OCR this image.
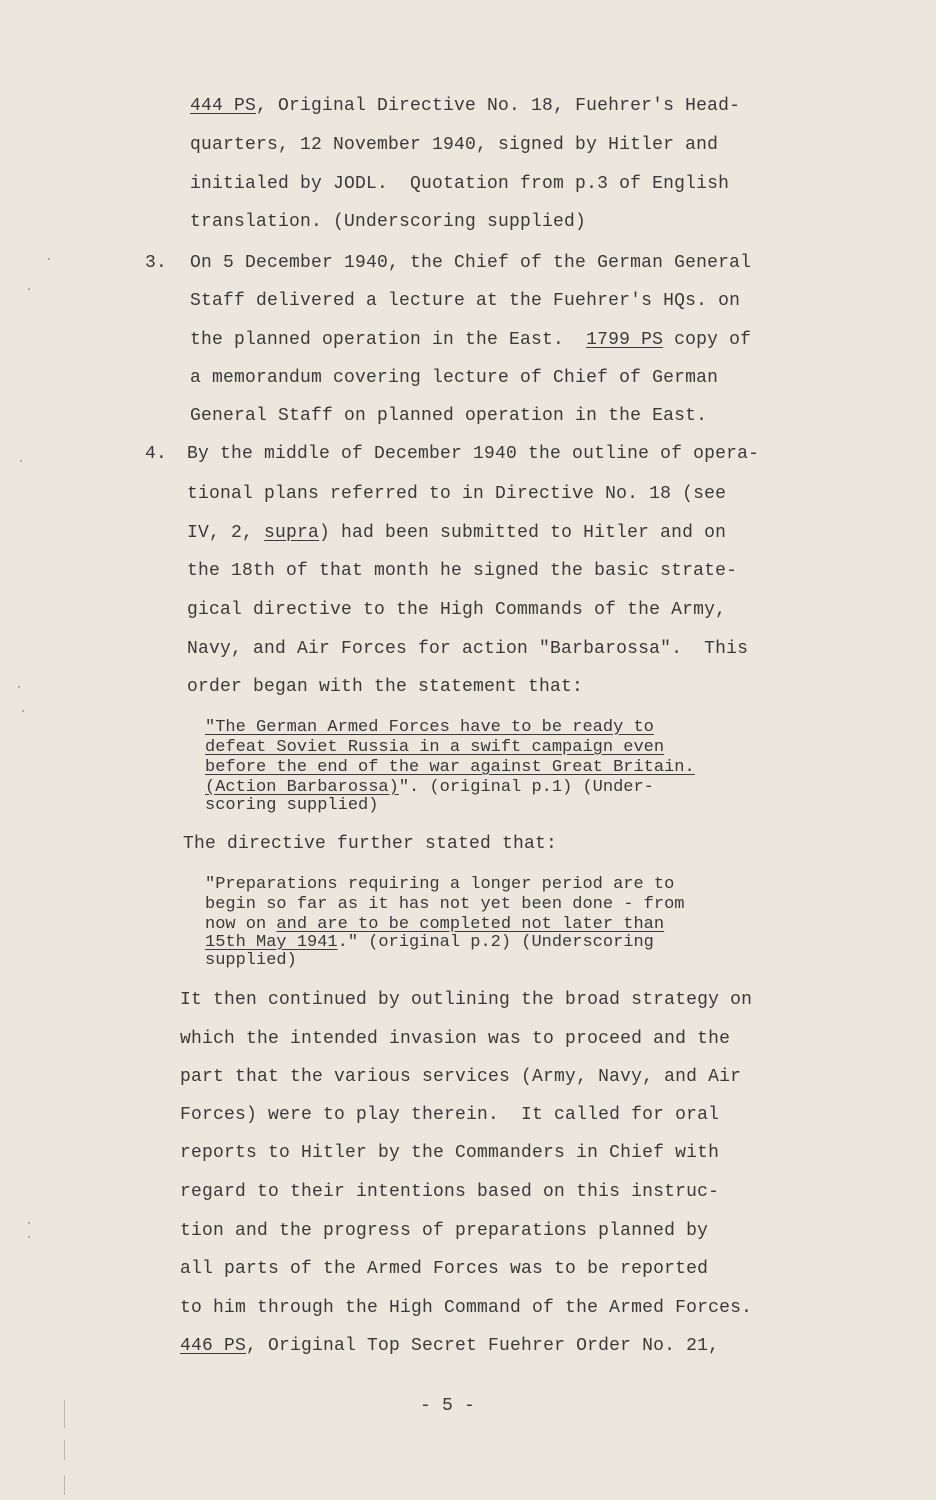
444 PS, Original Directive No. 18, Fuehrer's Head-
quarters, 12 November 1940, signed by Hitler and
initialed by JODL.  Quotation from p.3 of English
translation. (Underscoring supplied)
3. On 5 December 1940, the Chief of the German General
Staff delivered a lecture at the Fuehrer's HQs. on
the planned operation in the East.  1799 PS copy of
a memorandum covering lecture of Chief of German
General Staff on planned operation in the East.
4. By the middle of December 1940 the outline of opera-
tional plans referred to in Directive No. 18 (see
IV, 2, supra) had been submitted to Hitler and on
the 18th of that month he signed the basic strate-
gical directive to the High Commands of the Army,
Navy, and Air Forces for action "Barbarossa".  This
order began with the statement that:
"The German Armed Forces have to be ready to
defeat Soviet Russia in a swift campaign even
before the end of the war against Great Britain.
(Action Barbarossa)". (original p.1) (Under-
scoring supplied)
The directive further stated that:
"Preparations requiring a longer period are to
begin so far as it has not yet been done - from
now on and are to be completed not later than
15th May 1941." (original p.2) (Underscoring
supplied)
It then continued by outlining the broad strategy on
which the intended invasion was to proceed and the
part that the various services (Army, Navy, and Air
Forces) were to play therein.  It called for oral
reports to Hitler by the Commanders in Chief with
regard to their intentions based on this instruc-
tion and the progress of preparations planned by
all parts of the Armed Forces was to be reported
to him through the High Command of the Armed Forces.
446 PS, Original Top Secret Fuehrer Order No. 21,
- 5 -
